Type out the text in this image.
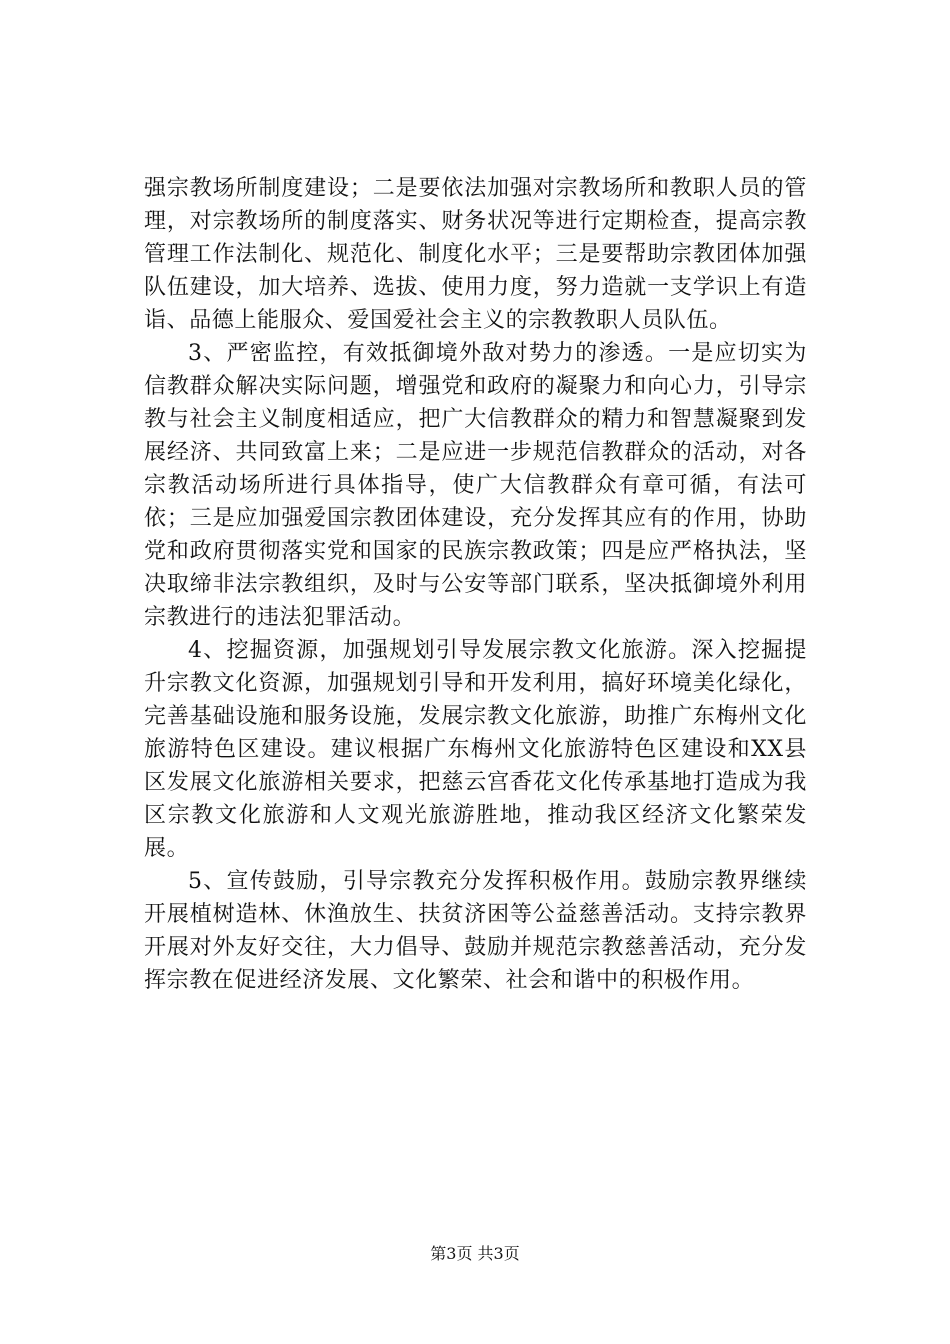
强宗教场所制度建设；二是要依法加强对宗教场所和教职人员的管理，对宗教场所的制度落实、财务状况等进行定期检查，提高宗教管理工作法制化、规范化、制度化水平；三是要帮助宗教团体加强队伍建设，加大培养、选拔、使用力度，努力造就一支学识上有造诣、品德上能服众、爱国爱社会主义的宗教教职人员队伍。

3、严密监控，有效抵御境外敌对势力的渗透。一是应切实为信教群众解决实际问题，增强党和政府的凝聚力和向心力，引导宗教与社会主义制度相适应，把广大信教群众的精力和智慧凝聚到发展经济、共同致富上来；二是应进一步规范信教群众的活动，对各宗教活动场所进行具体指导，使广大信教群众有章可循，有法可依；三是应加强爱国宗教团体建设，充分发挥其应有的作用，协助党和政府贯彻落实党和国家的民族宗教政策；四是应严格执法，坚决取缔非法宗教组织，及时与公安等部门联系，坚决抵御境外利用宗教进行的违法犯罪活动。

4、挖掘资源，加强规划引导发展宗教文化旅游。深入挖掘提升宗教文化资源，加强规划引导和开发利用，搞好环境美化绿化，完善基础设施和服务设施，发展宗教文化旅游，助推广东梅州文化旅游特色区建设。建议根据广东梅州文化旅游特色区建设和XX县区发展文化旅游相关要求，把慈云宫香花文化传承基地打造成为我区宗教文化旅游和人文观光旅游胜地，推动我区经济文化繁荣发展。

5、宣传鼓励，引导宗教充分发挥积极作用。鼓励宗教界继续开展植树造林、休渔放生、扶贫济困等公益慈善活动。支持宗教界开展对外友好交往，大力倡导、鼓励并规范宗教慈善活动，充分发挥宗教在促进经济发展、文化繁荣、社会和谐中的积极作用。

第3页 共3页
